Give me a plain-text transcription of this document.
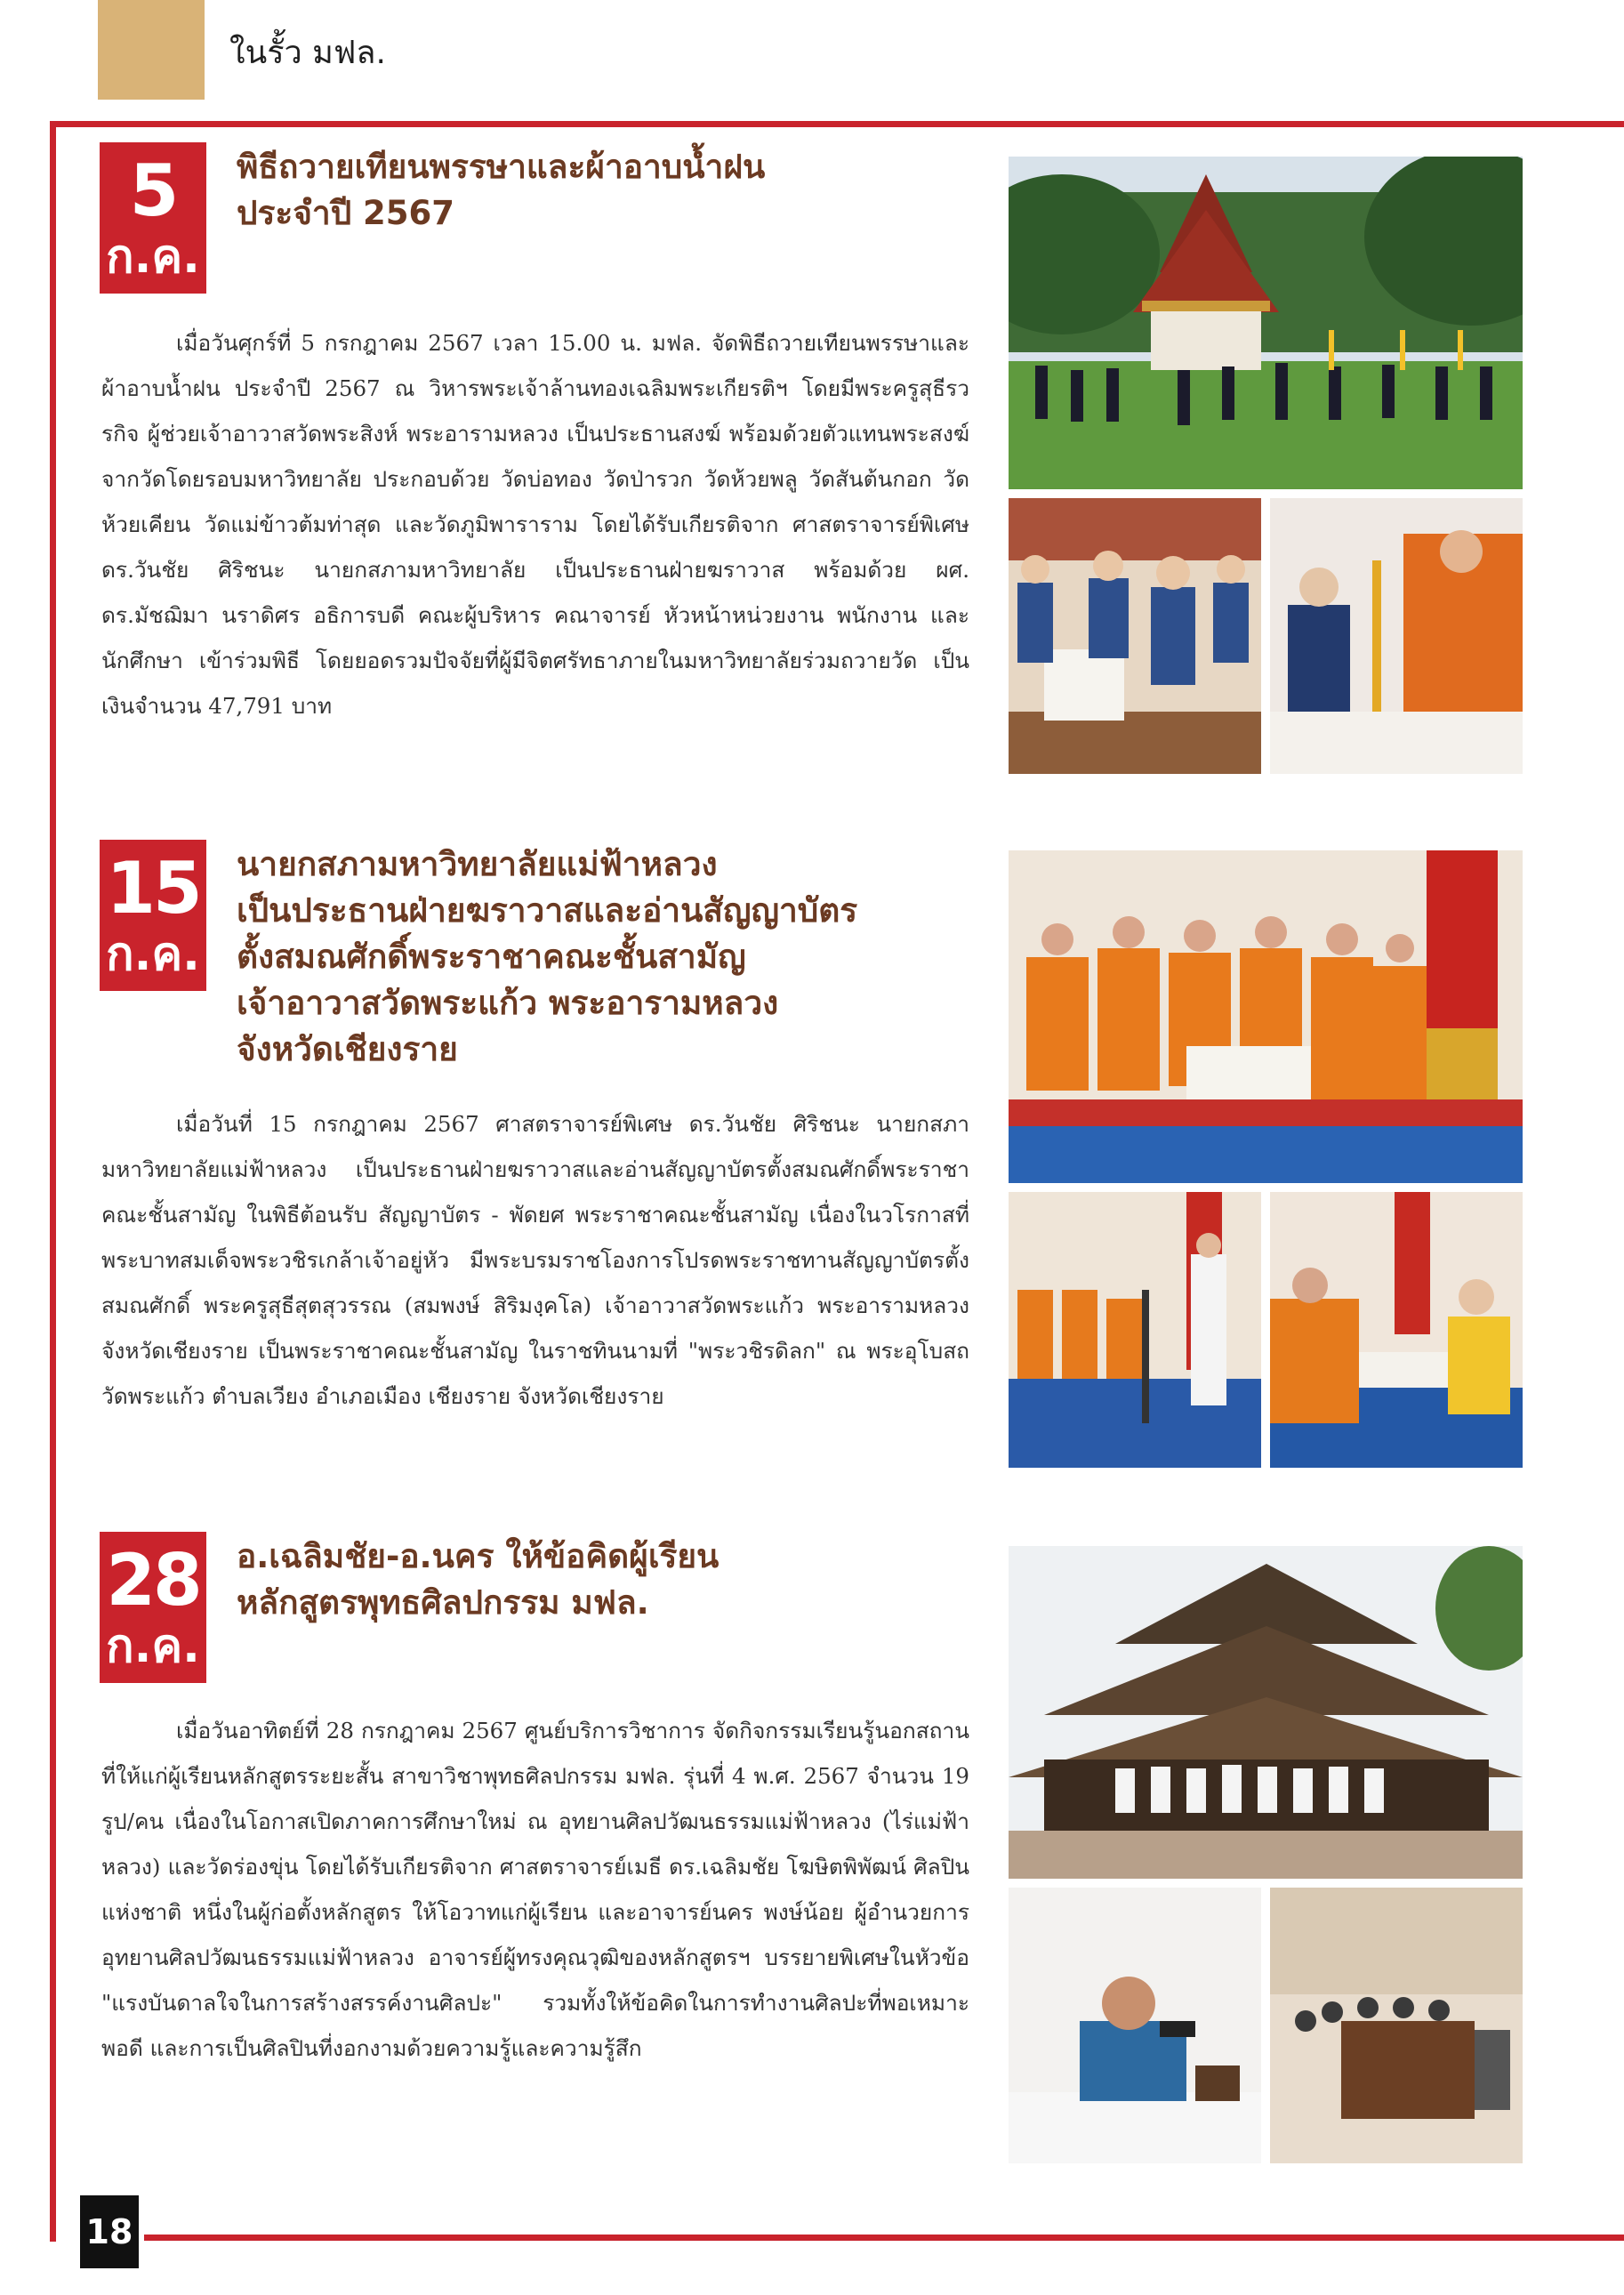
ในรั้ว มฟล.
5
ก.ค.
พิธีถวายเทียนพรรษาและผ้าอาบน้ำฝน
ประจำปี 2567
เมื่อวันศุกร์ที่ 5 กรกฎาคม 2567 เวลา 15.00 น. มฟล. จัดพิธีถวายเทียนพรรษาและผ้าอาบน้ำฝน ประจำปี 2567 ณ วิหารพระเจ้าล้านทองเฉลิมพระเกียรติฯ โดยมีพระครูสุธีรวรกิจ ผู้ช่วยเจ้าอาวาสวัดพระสิงห์ พระอารามหลวง เป็นประธานสงฆ์ พร้อมด้วยตัวแทนพระสงฆ์จากวัดโดยรอบมหาวิทยาลัย ประกอบด้วย วัดบ่อทอง วัดป่ารวก วัดห้วยพลู วัดสันต้นกอก วัดห้วยเคียน วัดแม่ข้าวต้มท่าสุด และวัดภูมิพาราราม โดยได้รับเกียรติจาก ศาสตราจารย์พิเศษ ดร.วันชัย ศิริชนะ นายกสภามหาวิทยาลัย เป็นประธานฝ่ายฆราวาส พร้อมด้วย ผศ. ดร.มัชฌิมา นราดิศร อธิการบดี คณะผู้บริหาร คณาจารย์ หัวหน้าหน่วยงาน พนักงาน และนักศึกษา เข้าร่วมพิธี โดยยอดรวมปัจจัยที่ผู้มีจิตศรัทธาภายในมหาวิทยาลัยร่วมถวายวัด เป็นเงินจำนวน 47,791 บาท
15
ก.ค.
นายกสภามหาวิทยาลัยแม่ฟ้าหลวง
เป็นประธานฝ่ายฆราวาสและอ่านสัญญาบัตร
ตั้งสมณศักดิ์พระราชาคณะชั้นสามัญ
เจ้าอาวาสวัดพระแก้ว พระอารามหลวง
จังหวัดเชียงราย
เมื่อวันที่ 15 กรกฎาคม 2567 ศาสตราจารย์พิเศษ ดร.วันชัย ศิริชนะ นายกสภามหาวิทยาลัยแม่ฟ้าหลวง เป็นประธานฝ่ายฆราวาสและอ่านสัญญาบัตรตั้งสมณศักดิ์พระราชาคณะชั้นสามัญ ในพิธีต้อนรับ สัญญาบัตร - พัดยศ พระราชาคณะชั้นสามัญ เนื่องในวโรกาสที่พระบาทสมเด็จพระวชิรเกล้าเจ้าอยู่หัว มีพระบรมราชโองการโปรดพระราชทานสัญญาบัตรตั้งสมณศักดิ์ พระครูสุธีสุตสุวรรณ (สมพงษ์ สิริมงฺคโล) เจ้าอาวาสวัดพระแก้ว พระอารามหลวง จังหวัดเชียงราย เป็นพระราชาคณะชั้นสามัญ ในราชทินนามที่ "พระวชิรดิลก" ณ พระอุโบสถวัดพระแก้ว ตำบลเวียง อำเภอเมือง เชียงราย จังหวัดเชียงราย
28
ก.ค.
อ.เฉลิมชัย-อ.นคร ให้ข้อคิดผู้เรียน
หลักสูตรพุทธศิลปกรรม มฟล.
เมื่อวันอาทิตย์ที่ 28 กรกฎาคม 2567 ศูนย์บริการวิชาการ จัดกิจกรรมเรียนรู้นอกสถานที่ให้แก่ผู้เรียนหลักสูตรระยะสั้น สาขาวิชาพุทธศิลปกรรม มฟล. รุ่นที่ 4 พ.ศ. 2567 จำนวน 19 รูป/คน เนื่องในโอกาสเปิดภาคการศึกษาใหม่ ณ อุทยานศิลปวัฒนธรรมแม่ฟ้าหลวง (ไร่แม่ฟ้าหลวง) และวัดร่องขุ่น โดยได้รับเกียรติจาก ศาสตราจารย์เมธี ดร.เฉลิมชัย โฆษิตพิพัฒน์ ศิลปินแห่งชาติ หนึ่งในผู้ก่อตั้งหลักสูตร ให้โอวาทแก่ผู้เรียน และอาจารย์นคร พงษ์น้อย ผู้อำนวยการอุทยานศิลปวัฒนธรรมแม่ฟ้าหลวง อาจารย์ผู้ทรงคุณวุฒิของหลักสูตรฯ บรรยายพิเศษในหัวข้อ "แรงบันดาลใจในการสร้างสรรค์งานศิลปะ" รวมทั้งให้ข้อคิดในการทำงานศิลปะที่พอเหมาะพอดี และการเป็นศิลปินที่งอกงามด้วยความรู้และความรู้สึก
18
